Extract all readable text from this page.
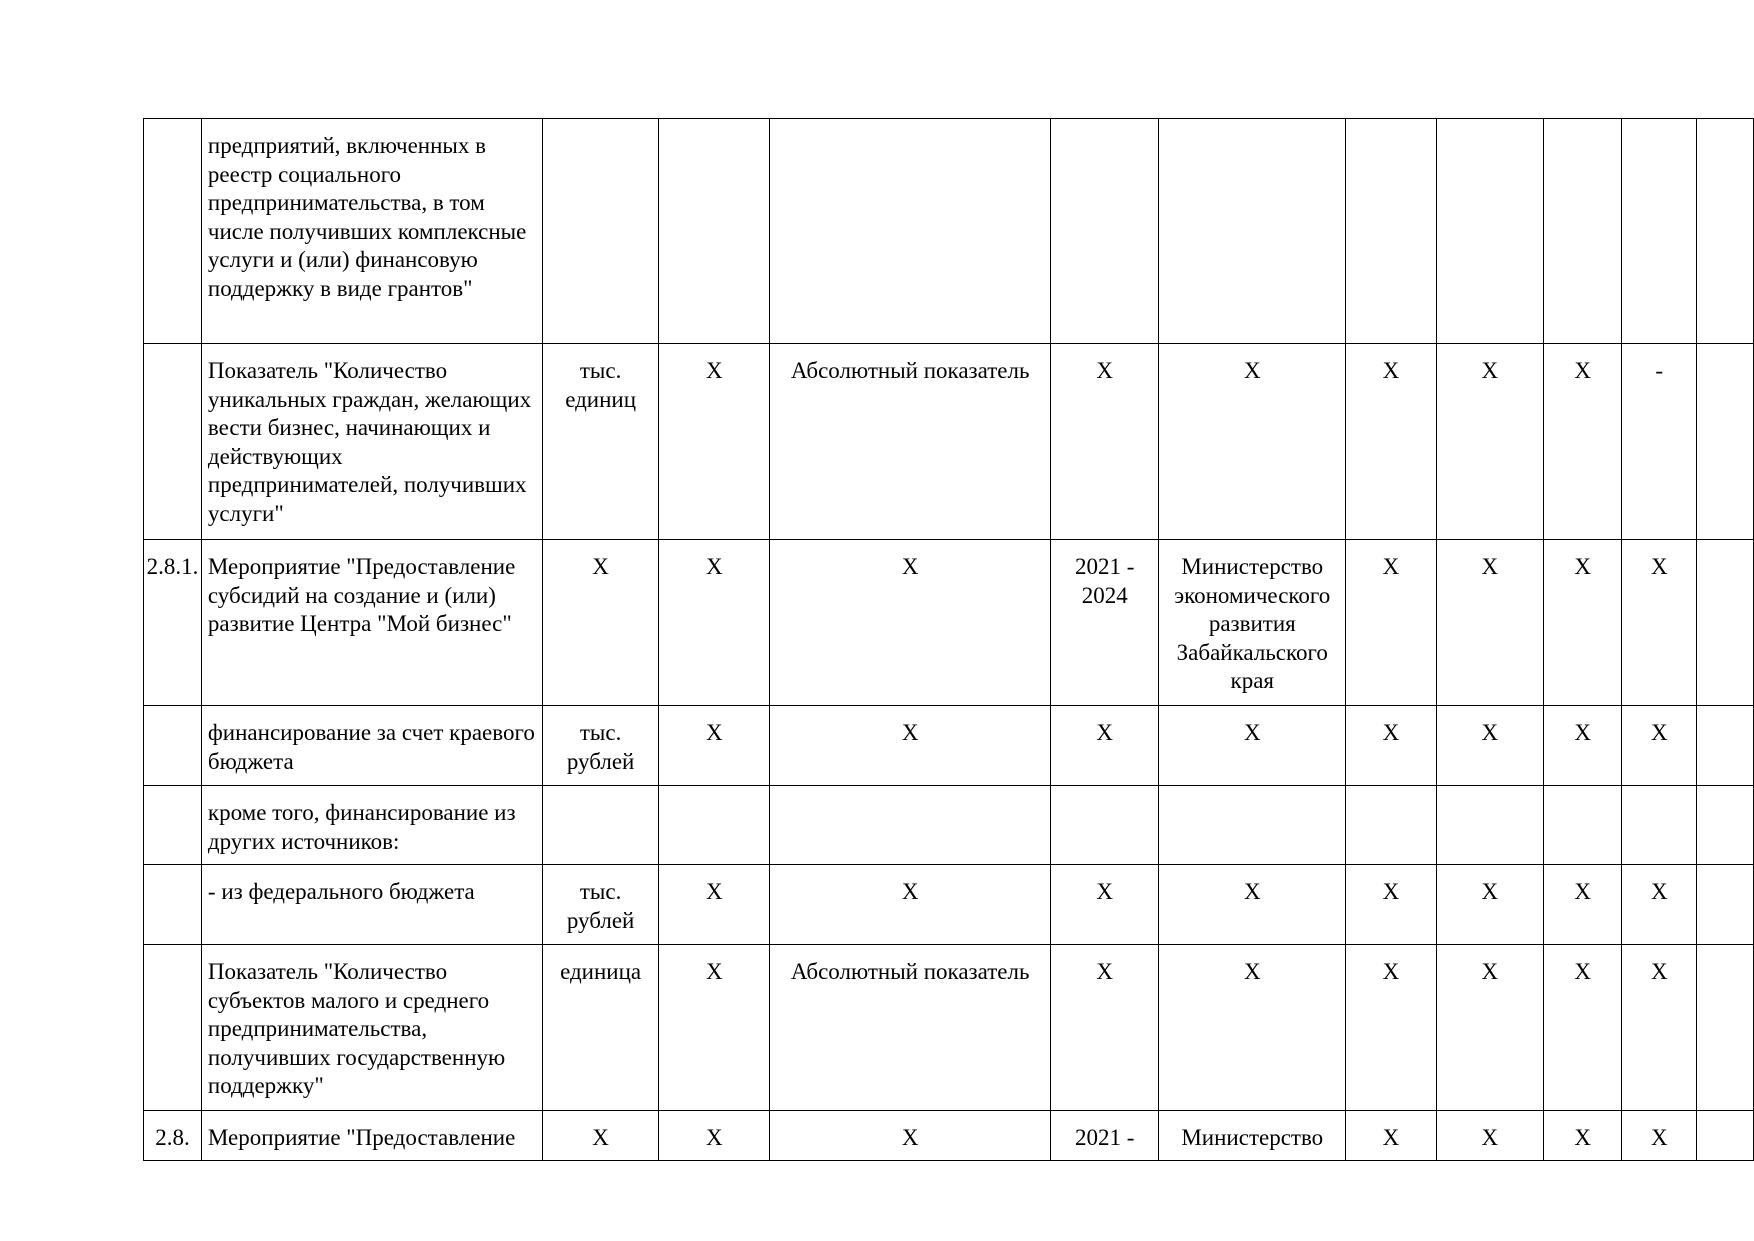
	предприятий, включенных в реестр социального предпринимательства, в том числе получивших комплексные услуги и (или) финансовую поддержку в виде грантов"										
	Показатель "Количество уникальных граждан, желающих вести бизнес, начинающих и действующих предпринимателей, получивших услуги"	тыс. единиц	X	Абсолютный показатель	X	X	X	X	X	-	
2.8.1.	Мероприятие "Предоставление субсидий на создание и (или) развитие Центра "Мой бизнес"	X	X	X	2021 - 2024	Министерство экономического развития Забайкальского края	X	X	X	X	
	финансирование за счет краевого бюджета	тыс. рублей	X	X	X	X	X	X	X	X	
	кроме того, финансирование из других источников:										
	- из федерального бюджета	тыс. рублей	X	X	X	X	X	X	X	X	
	Показатель "Количество субъектов малого и среднего предпринимательства, получивших государственную поддержку"	единица	X	Абсолютный показатель	X	X	X	X	X	X	
2.8.	Мероприятие "Предоставление	X	X	X	2021 -	Министерство	X	X	X	X	
